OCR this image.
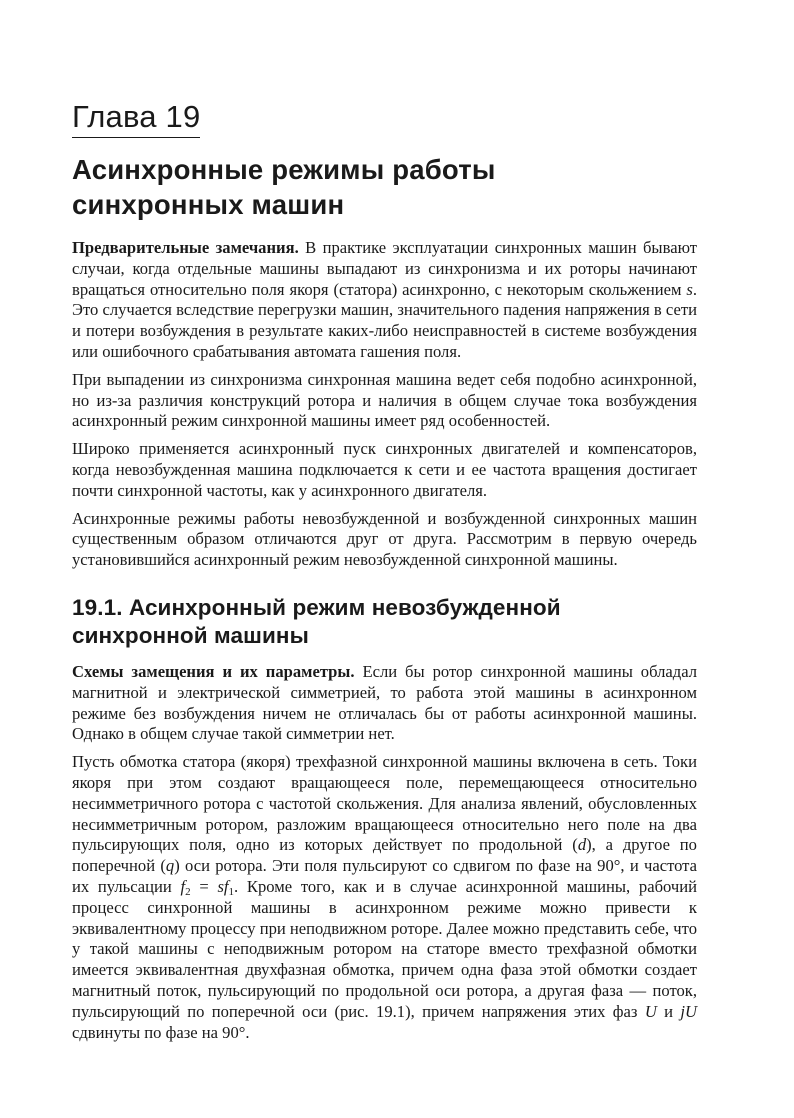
Глава 19
Асинхронные режимы работы
синхронных машин

Предварительные замечания. В практике эксплуатации синхронных машин бывают случаи, когда отдельные машины выпадают из синхронизма и их роторы начинают вращаться относительно поля якоря (статора) асинхронно, с некоторым скольжением s. Это случается вследствие перегрузки машин, значительного падения напряжения в сети и потери возбуждения в результате каких-либо неисправностей в системе возбуждения или ошибочного срабатывания автомата гашения поля.

При выпадении из синхронизма синхронная машина ведет себя подобно асинхронной, но из-за различия конструкций ротора и наличия в общем случае тока возбуждения асинхронный режим синхронной машины имеет ряд особенностей.

Широко применяется асинхронный пуск синхронных двигателей и компенсаторов, когда невозбужденная машина подключается к сети и ее частота вращения достигает почти синхронной частоты, как у асинхронного двигателя.

Асинхронные режимы работы невозбужденной и возбужденной синхронных машин существенным образом отличаются друг от друга. Рассмотрим в первую очередь установившийся асинхронный режим невозбужденной синхронной машины.

19.1. Асинхронный режим невозбужденной
синхронной машины

Схемы замещения и их параметры. Если бы ротор синхронной машины обладал магнитной и электрической симметрией, то работа этой машины в асинхронном режиме без возбуждения ничем не отличалась бы от работы асинхронной машины. Однако в общем случае такой симметрии нет.

Пусть обмотка статора (якоря) трехфазной синхронной машины включена в сеть. Токи якоря при этом создают вращающееся поле, перемещающееся относительно несимметричного ротора с частотой скольжения. Для анализа явлений, обусловленных несимметричным ротором, разложим вращающееся относительно него поле на два пульсирующих поля, одно из которых действует по продольной (d), а другое по поперечной (q) оси ротора. Эти поля пульсируют со сдвигом по фазе на 90°, и частота их пульсации $f_2 = sf_1$. Кроме того, как и в случае асинхронной машины, рабочий процесс синхронной машины в асинхронном режиме можно привести к эквивалентному процессу при неподвижном роторе. Далее можно представить себе, что у такой машины с неподвижным ротором на статоре вместо трехфазной обмотки имеется эквивалентная двухфазная обмотка, причем одна фаза этой обмотки создает магнитный поток, пульсирующий по продольной оси ротора, а другая фаза — поток, пульсирующий по поперечной оси (рис. 19.1), причем напряжения этих фаз U и jU сдвинуты по фазе на 90°.
